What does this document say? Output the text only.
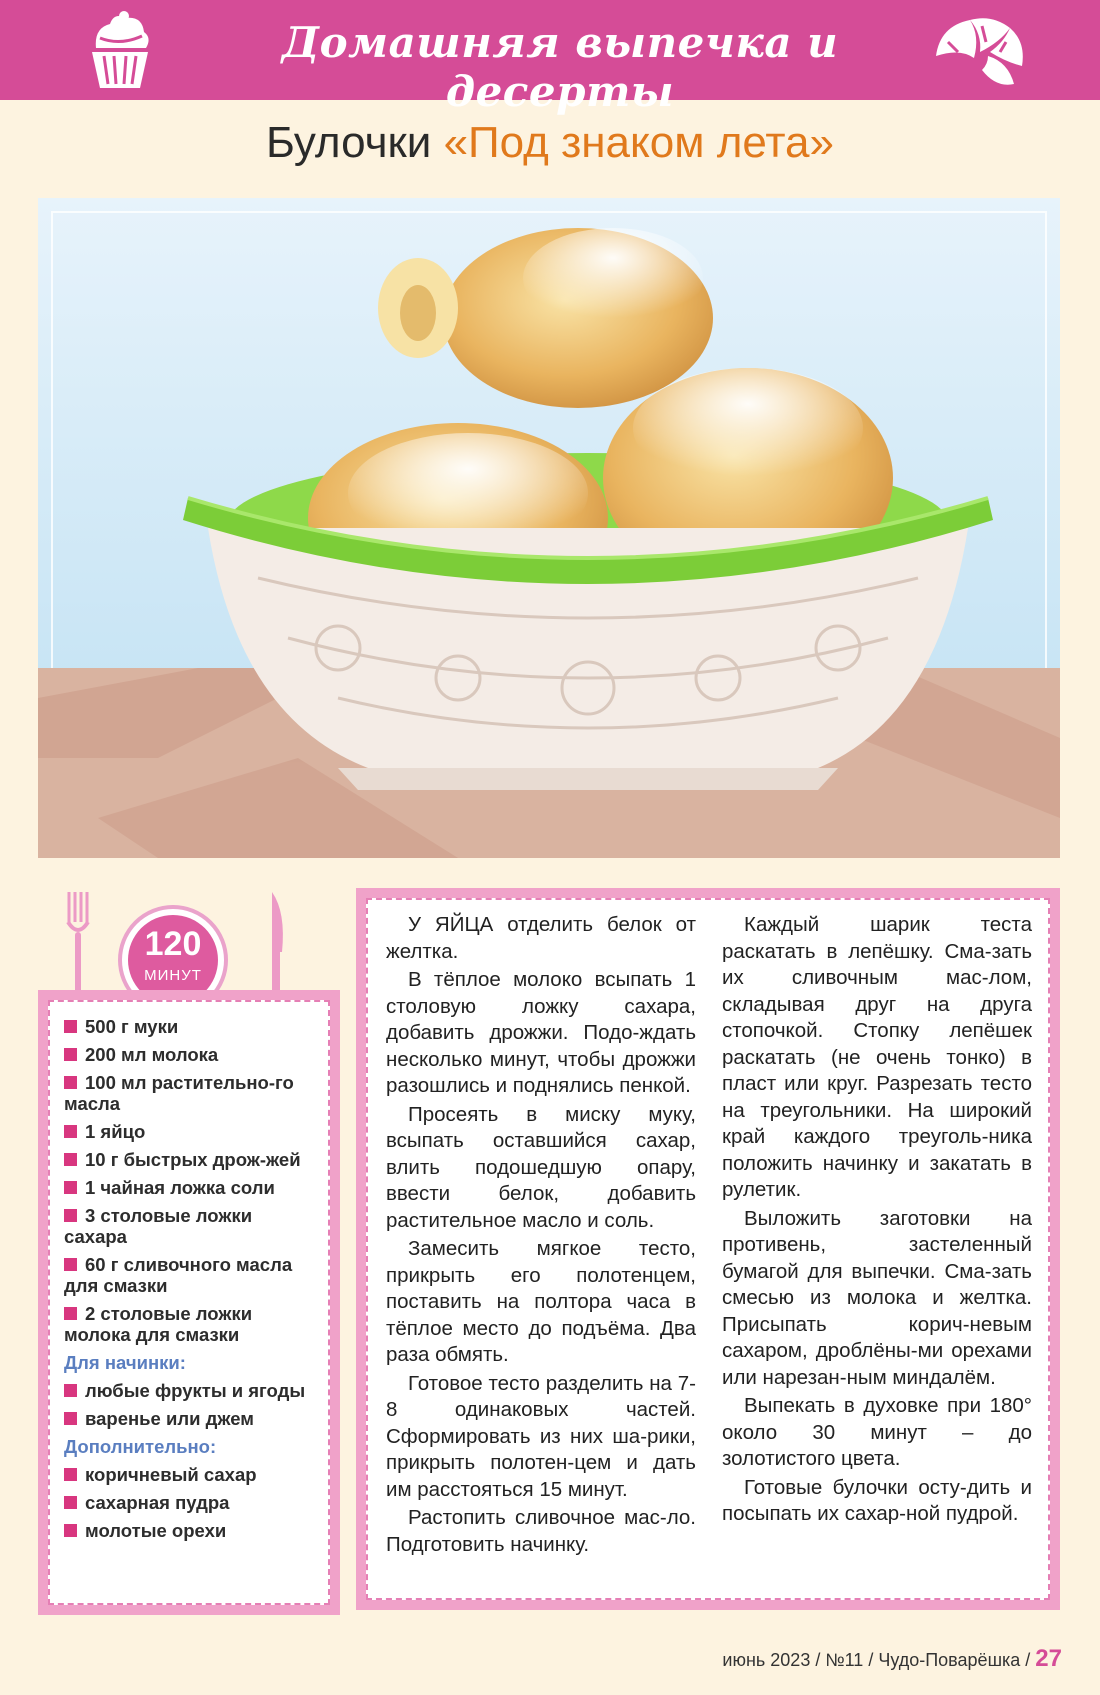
Домашняя выпечка и десерты
Булочки «Под знаком лета»
120
МИНУТ
500 г муки
200 мл молока
100 мл растительно-го масла
1 яйцо
10 г быстрых дрож-жей
1 чайная ложка соли
3 столовые ложки сахара
60 г сливочного масла для смазки
2 столовые ложки молока для смазки
Для начинки:
любые фрукты и ягоды
варенье или джем
Дополнительно:
коричневый сахар
сахарная пудра
молотые орехи

У ЯЙЦА отделить белок от желтка.

В тёплое молоко всыпать 1 столовую ложку сахара, добавить дрожжи. Подо-ждать несколько минут, чтобы дрожжи разошлись и поднялись пенкой.

Просеять в миску муку, всыпать оставшийся сахар, влить подошедшую опару, ввести белок, добавить растительное масло и соль.

Замесить мягкое тесто, прикрыть его полотенцем, поставить на полтора часа в тёплое место до подъёма. Два раза обмять.

Готовое тесто разделить на 7-8 одинаковых частей. Сформировать из них ша-рики, прикрыть полотен-цем и дать им расстояться 15 минут.

Растопить сливочное мас-ло. Подготовить начинку.

Каждый шарик теста раскатать в лепёшку. Сма-зать их сливочным мас-лом, складывая друг на друга стопочкой. Стопку лепёшек раскатать (не очень тонко) в пласт или круг. Разрезать тесто на треугольники. На широкий край каждого треуголь-ника положить начинку и закатать в рулетик.

Выложить заготовки на противень, застеленный бумагой для выпечки. Сма-зать смесью из молока и желтка. Присыпать корич-невым сахаром, дроблёны-ми орехами или нарезан-ным миндалём.

Выпекать в духовке при 180° около 30 минут – до золотистого цвета.

Готовые булочки осту-дить и посыпать их сахар-ной пудрой.

июнь 2023 / №11 / Чудо-Поварёшка / 27
